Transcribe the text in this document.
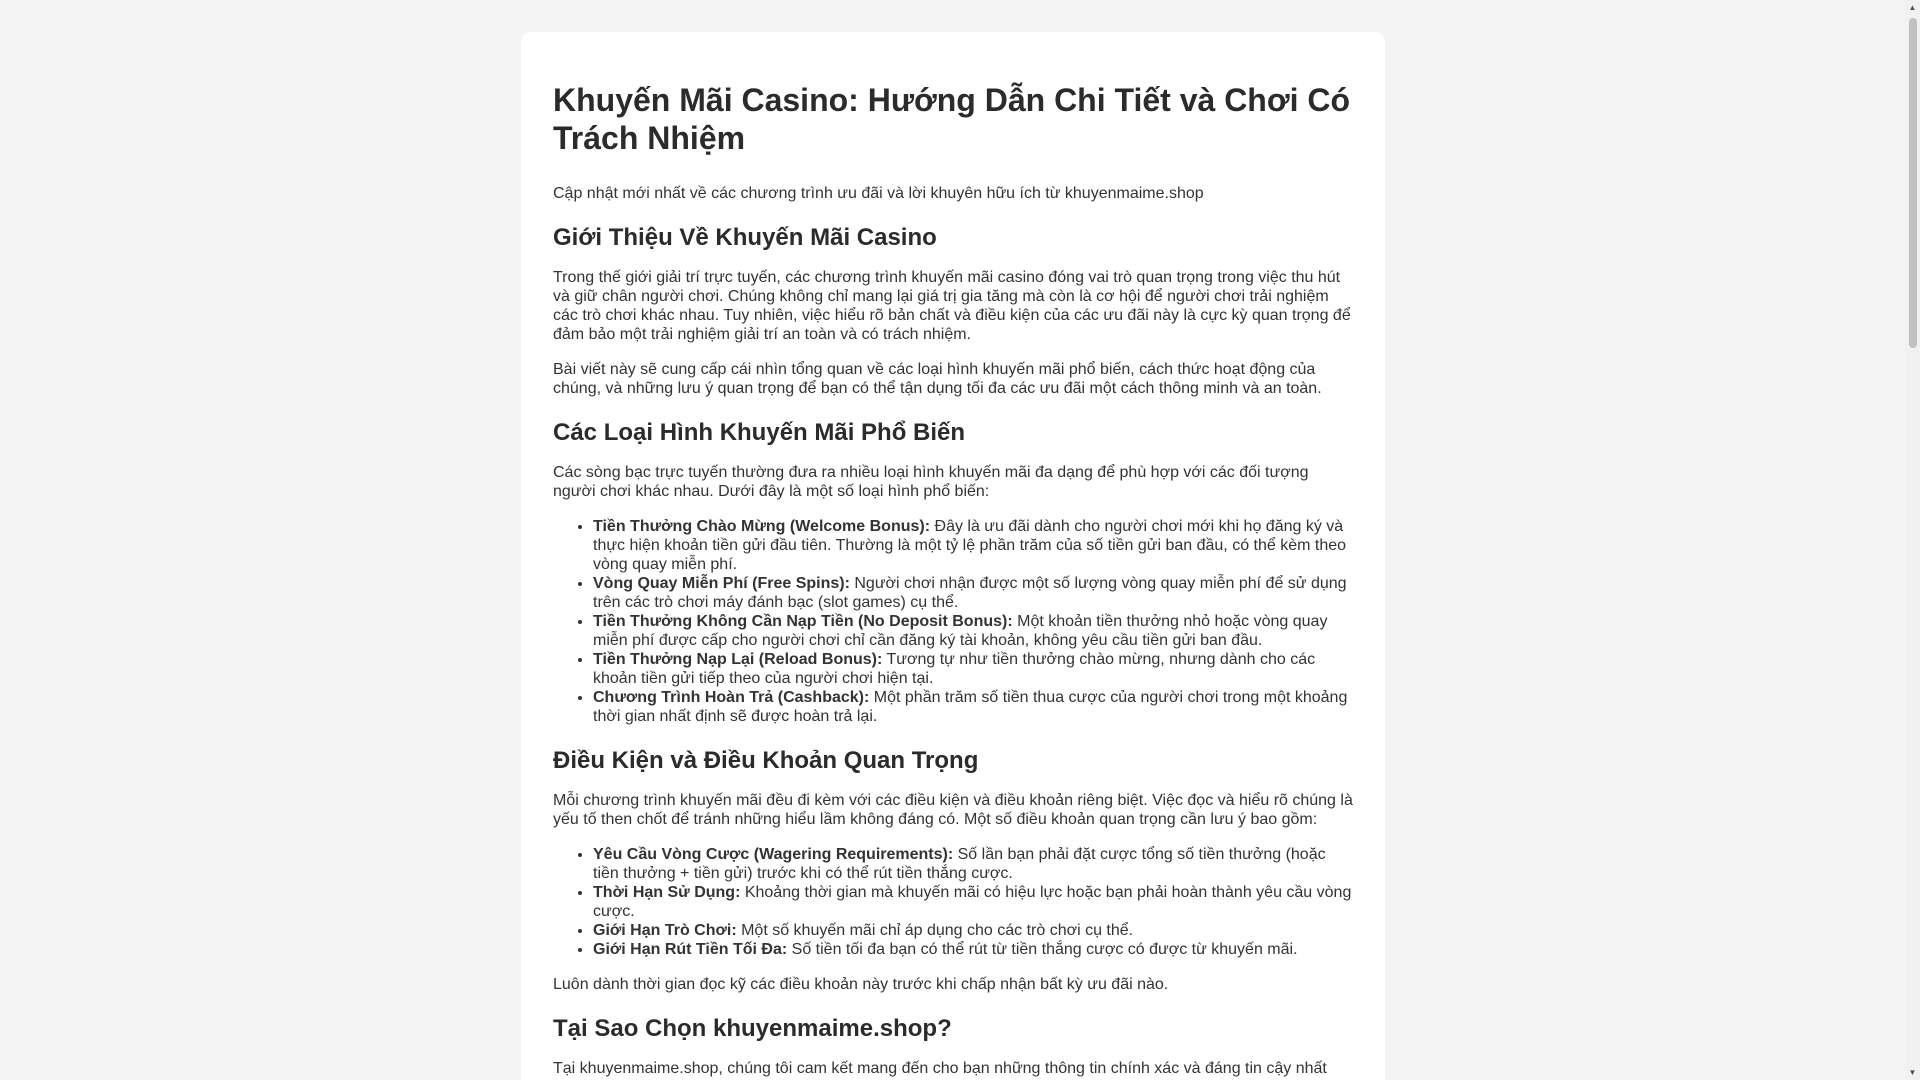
Khuyến Mãi Casino: Hướng Dẫn Chi Tiết và Chơi Có Trách Nhiệm

Cập nhật mới nhất về các chương trình ưu đãi và lời khuyên hữu ích từ khuyenmaime.shop

Giới Thiệu Về Khuyến Mãi Casino

Trong thế giới giải trí trực tuyến, các chương trình khuyến mãi casino đóng vai trò quan trọng trong việc thu hút và giữ chân người chơi. Chúng không chỉ mang lại giá trị gia tăng mà còn là cơ hội để người chơi trải nghiệm các trò chơi khác nhau. Tuy nhiên, việc hiểu rõ bản chất và điều kiện của các ưu đãi này là cực kỳ quan trọng để đảm bảo một trải nghiệm giải trí an toàn và có trách nhiệm.

Bài viết này sẽ cung cấp cái nhìn tổng quan về các loại hình khuyến mãi phổ biến, cách thức hoạt động của chúng, và những lưu ý quan trọng để bạn có thể tận dụng tối đa các ưu đãi một cách thông minh và an toàn.

Các Loại Hình Khuyến Mãi Phổ Biến

Các sòng bạc trực tuyến thường đưa ra nhiều loại hình khuyến mãi đa dạng để phù hợp với các đối tượng người chơi khác nhau. Dưới đây là một số loại hình phổ biến:

• Tiền Thưởng Chào Mừng (Welcome Bonus): Đây là ưu đãi dành cho người chơi mới khi họ đăng ký và thực hiện khoản tiền gửi đầu tiên. Thường là một tỷ lệ phần trăm của số tiền gửi ban đầu, có thể kèm theo vòng quay miễn phí.
• Vòng Quay Miễn Phí (Free Spins): Người chơi nhận được một số lượng vòng quay miễn phí để sử dụng trên các trò chơi máy đánh bạc (slot games) cụ thể.
• Tiền Thưởng Không Cần Nạp Tiền (No Deposit Bonus): Một khoản tiền thưởng nhỏ hoặc vòng quay miễn phí được cấp cho người chơi chỉ cần đăng ký tài khoản, không yêu cầu tiền gửi ban đầu.
• Tiền Thưởng Nạp Lại (Reload Bonus): Tương tự như tiền thưởng chào mừng, nhưng dành cho các khoản tiền gửi tiếp theo của người chơi hiện tại.
• Chương Trình Hoàn Trả (Cashback): Một phần trăm số tiền thua cược của người chơi trong một khoảng thời gian nhất định sẽ được hoàn trả lại.
Điều Kiện và Điều Khoản Quan Trọng

Mỗi chương trình khuyến mãi đều đi kèm với các điều kiện và điều khoản riêng biệt. Việc đọc và hiểu rõ chúng là yếu tố then chốt để tránh những hiểu lầm không đáng có. Một số điều khoản quan trọng cần lưu ý bao gồm:

• Yêu Cầu Vòng Cược (Wagering Requirements): Số lần bạn phải đặt cược tổng số tiền thưởng (hoặc tiền thưởng + tiền gửi) trước khi có thể rút tiền thắng cược.
• Thời Hạn Sử Dụng: Khoảng thời gian mà khuyến mãi có hiệu lực hoặc bạn phải hoàn thành yêu cầu vòng cược.
• Giới Hạn Trò Chơi: Một số khuyến mãi chỉ áp dụng cho các trò chơi cụ thể.
• Giới Hạn Rút Tiền Tối Đa: Số tiền tối đa bạn có thể rút từ tiền thắng cược có được từ khuyến mãi.

Luôn dành thời gian đọc kỹ các điều khoản này trước khi chấp nhận bất kỳ ưu đãi nào.

Tại Sao Chọn khuyenmaime.shop?

Tại khuyenmaime.shop, chúng tôi cam kết mang đến cho bạn những thông tin chính xác và đáng tin cậy nhất

▲
▼
